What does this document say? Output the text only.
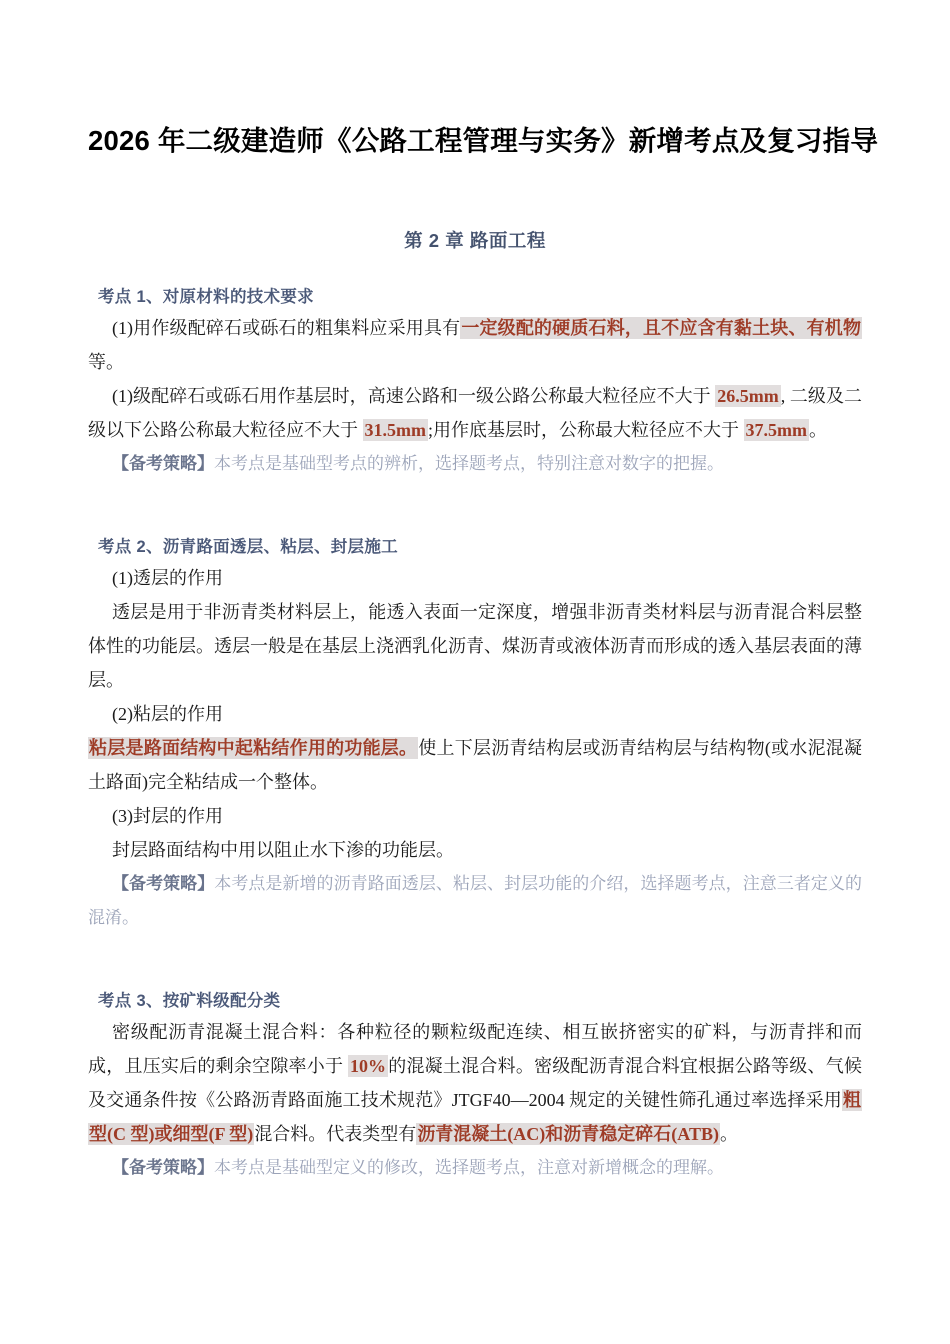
2026 年二级建造师《公路工程管理与实务》新增考点及复习指导
第 2 章 路面工程
考点 1、对原材料的技术要求

(1)用作级配碎石或砾石的粗集料应采用具有一定级配的硬质石料，且不应含有黏土块、有机物等。

(1)级配碎石或砾石用作基层时，高速公路和一级公路公称最大粒径应不大于 26.5mm , 二级及二级以下公路公称最大粒径应不大于 31.5mm ;用作底基层时，公称最大粒径应不大于 37.5mm 。

【备考策略】本考点是基础型考点的辨析，选择题考点，特别注意对数字的把握。

考点 2、沥青路面透层、粘层、封层施工

(1)透层的作用

透层是用于非沥青类材料层上，能透入表面一定深度，增强非沥青类材料层与沥青混合料层整体性的功能层。透层一般是在基层上浇洒乳化沥青、煤沥青或液体沥青而形成的透入基层表面的薄层。

(2)粘层的作用

粘层是路面结构中起粘结作用的功能层。使上下层沥青结构层或沥青结构层与结构物(或水泥混凝土路面)完全粘结成一个整体。

(3)封层的作用

封层路面结构中用以阻止水下渗的功能层。

【备考策略】本考点是新增的沥青路面透层、粘层、封层功能的介绍，选择题考点，注意三者定义的混淆。

考点 3、按矿料级配分类

密级配沥青混凝土混合料：各种粒径的颗粒级配连续、相互嵌挤密实的矿料，与沥青拌和而成，且压实后的剩余空隙率小于 10% 的混凝土混合料。密级配沥青混合料宜根据公路等级、气候及交通条件按《公路沥青路面施工技术规范》JTGF40—2004 规定的关键性筛孔通过率选择采用粗型(C 型)或细型(F 型)混合料。代表类型有沥青混凝土(AC)和沥青稳定碎石(ATB)。

【备考策略】本考点是基础型定义的修改，选择题考点，注意对新增概念的理解。
